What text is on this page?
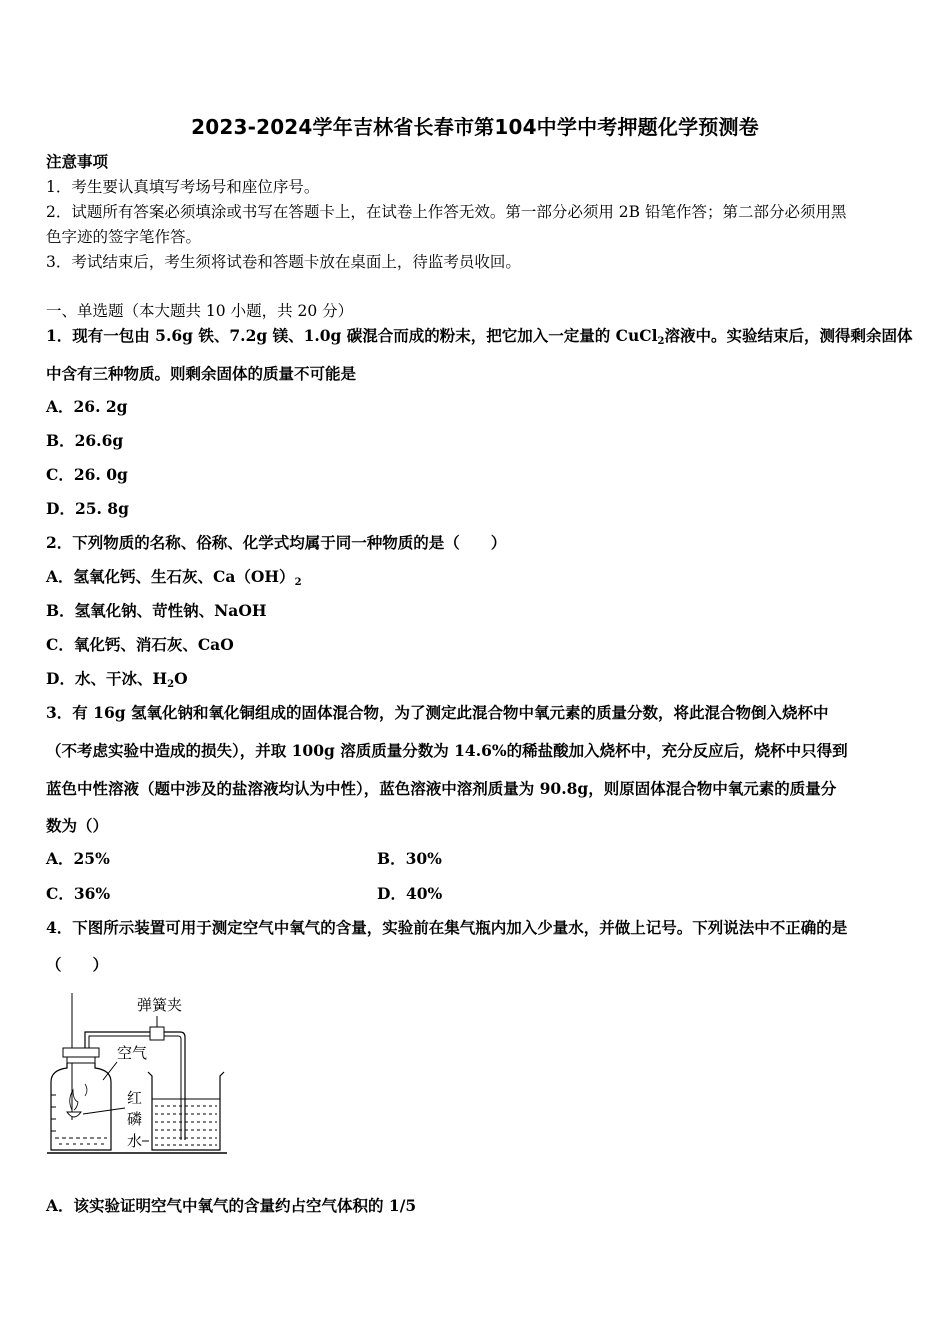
2023-2024学年吉林省长春市第104中学中考押题化学预测卷
注意事项
1．考生要认真填写考场号和座位序号。
2．试题所有答案必须填涂或书写在答题卡上，在试卷上作答无效。第一部分必须用 2B 铅笔作答；第二部分必须用黑
色字迹的签字笔作答。
3．考试结束后，考生须将试卷和答题卡放在桌面上，待监考员收回。
一、单选题（本大题共 10 小题，共 20 分）
1．现有一包由 5.6g 铁、7.2g 镁、1.0g 碳混合而成的粉末，把它加入一定量的 CuCl$_2$溶液中。实验结束后，测得剩余固体
中含有三种物质。则剩余固体的质量不可能是
A．26. 2g
B．26.6g
C．26. 0g
D．25. 8g
2．下列物质的名称、俗称、化学式均属于同一种物质的是（　　）
A．氢氧化钙、生石灰、$Ca(OH)_2$
B．氢氧化钠、苛性钠、NaOH
C．氧化钙、消石灰、CaO
D．水、干冰、$H_2O$
3．有 16g 氢氧化钠和氧化铜组成的固体混合物，为了测定此混合物中氧元素的质量分数，将此混合物倒入烧杯中
（不考虑实验中造成的损失），并取 100g 溶质质量分数为 14.6%的稀盐酸加入烧杯中，充分反应后，烧杯中只得到
蓝色中性溶液（题中涉及的盐溶液均认为中性），蓝色溶液中溶剂质量为 90.8g，则原固体混合物中氧元素的质量分
数为（）
A．25%	B．30%
C．36%	D．40%
4．下图所示装置可用于测定空气中氧气的含量，实验前在集气瓶内加入少量水，并做上记号。下列说法中不正确的是
（　　）
弹簧夹
空气
红
磷
水
A．该实验证明空气中氧气的含量约占空气体积的 1/5
